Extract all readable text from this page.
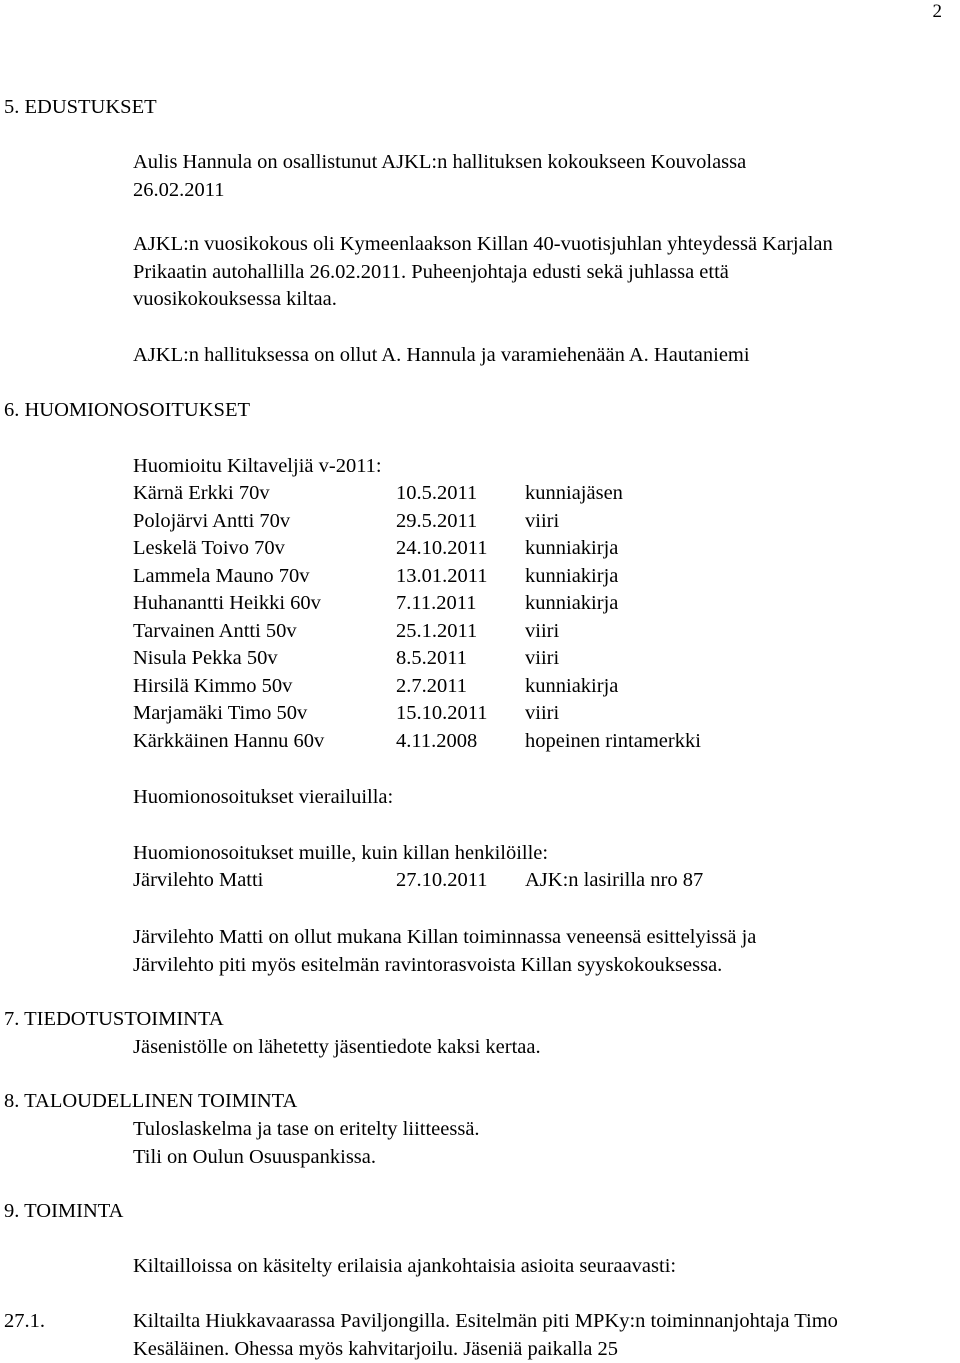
2
5. EDUSTUKSET
Aulis Hannula on osallistunut AJKL:n hallituksen kokoukseen Kouvolassa
26.02.2011
AJKL:n vuosikokous oli Kymeenlaakson Killan 40-vuotisjuhlan yhteydessä Karjalan
Prikaatin autohallilla 26.02.2011. Puheenjohtaja edusti sekä juhlassa että
vuosikokouksessa kiltaa.
AJKL:n hallituksessa on ollut A. Hannula ja varamiehenään A. Hautaniemi
6. HUOMIONOSOITUKSET
Huomioitu Kiltaveljiä v-2011:
Kärnä Erkki 70v	10.5.2011 kunniajäsen
Polojärvi Antti 70v	29.5.2011 viiri
Leskelä Toivo 70v	24.10.2011 kunniakirja
Lammela Mauno 70v	13.01.2011 kunniakirja
Huhanantti Heikki 60v	7.11.2011 kunniakirja
Tarvainen Antti 50v	25.1.2011 viiri
Nisula Pekka 50v	8.5.2011	viiri
Hirsilä Kimmo 50v	2.7.2011	kunniakirja
Marjamäki Timo 50v	15.10.2011 viiri
Kärkkäinen Hannu 60v	4.11.2008 hopeinen rintamerkki
Huomionosoitukset vierailuilla:
Huomionosoitukset muille, kuin killan henkilöille:
Järvilehto Matti	27.10.2011 AJK:n lasirilla nro 87
Järvilehto Matti on ollut mukana Killan toiminnassa veneensä esittelyissä ja
Järvilehto piti myös esitelmän ravintorasvoista Killan syyskokouksessa.
7. TIEDOTUSTOIMINTA
Jäsenistölle on lähetetty jäsentiedote kaksi kertaa.
8. TALOUDELLINEN TOIMINTA
Tuloslaskelma ja tase on eritelty liitteessä.
Tili on Oulun Osuuspankissa.
9. TOIMINTA
Kiltailloissa on käsitelty erilaisia ajankohtaisia asioita seuraavasti:
27.1.	Kiltailta Hiukkavaarassa Paviljongilla. Esitelmän piti MPKy:n toiminnanjohtaja Timo
Kesäläinen. Ohessa myös kahvitarjoilu. Jäseniä paikalla 25
